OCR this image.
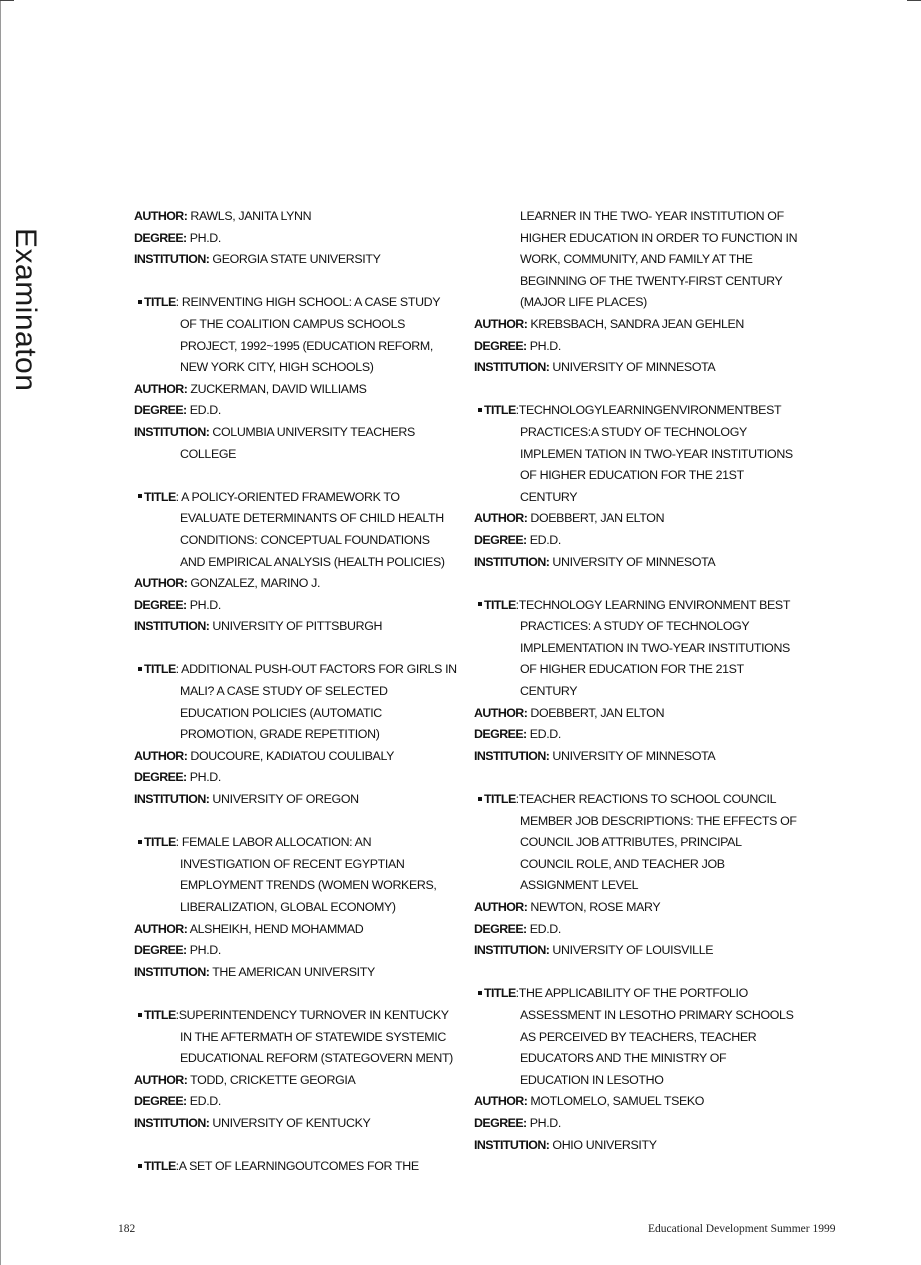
Examinaton
AUTHOR: RAWLS, JANITA LYNN
DEGREE: PH.D.
INSTITUTION: GEORGIA STATE UNIVERSITY
TITLE: REINVENTING HIGH SCHOOL: A CASE STUDY
OF THE COALITION CAMPUS SCHOOLS
PROJECT, 1992~1995 (EDUCATION REFORM,
NEW YORK CITY, HIGH SCHOOLS)
AUTHOR: ZUCKERMAN, DAVID WILLIAMS
DEGREE: ED.D.
INSTITUTION: COLUMBIA UNIVERSITY TEACHERS
COLLEGE
TITLE: A POLICY-ORIENTED FRAMEWORK TO
EVALUATE DETERMINANTS OF CHILD HEALTH
CONDITIONS: CONCEPTUAL FOUNDATIONS
AND EMPIRICAL ANALYSIS (HEALTH POLICIES)
AUTHOR: GONZALEZ, MARINO J.
DEGREE: PH.D.
INSTITUTION: UNIVERSITY OF PITTSBURGH
TITLE: ADDITIONAL PUSH-OUT FACTORS FOR GIRLS IN
MALI? A CASE STUDY OF SELECTED
EDUCATION POLICIES (AUTOMATIC
PROMOTION, GRADE REPETITION)
AUTHOR: DOUCOURE, KADIATOU COULIBALY
DEGREE: PH.D.
INSTITUTION: UNIVERSITY OF OREGON
TITLE: FEMALE LABOR ALLOCATION: AN
INVESTIGATION OF RECENT EGYPTIAN
EMPLOYMENT TRENDS (WOMEN WORKERS,
LIBERALIZATION, GLOBAL ECONOMY)
AUTHOR: ALSHEIKH, HEND MOHAMMAD
DEGREE: PH.D.
INSTITUTION: THE AMERICAN UNIVERSITY
TITLE:SUPERINTENDENCY TURNOVER IN KENTUCKY
IN THE AFTERMATH OF STATEWIDE SYSTEMIC
EDUCATIONAL REFORM (STATEGOVERN MENT)
AUTHOR: TODD, CRICKETTE GEORGIA
DEGREE: ED.D.
INSTITUTION: UNIVERSITY OF KENTUCKY
TITLE:A SET OF LEARNINGOUTCOMES FOR THE
LEARNER IN THE TWO- YEAR INSTITUTION OF
HIGHER EDUCATION IN ORDER TO FUNCTION IN
WORK, COMMUNITY, AND FAMILY AT THE
BEGINNING OF THE TWENTY-FIRST CENTURY
(MAJOR LIFE PLACES)
AUTHOR: KREBSBACH, SANDRA JEAN GEHLEN
DEGREE: PH.D.
INSTITUTION: UNIVERSITY OF MINNESOTA
TITLE:TECHNOLOGYLEARNINGENVIRONMENTBEST
PRACTICES:A STUDY OF TECHNOLOGY
IMPLEMEN TATION IN TWO-YEAR INSTITUTIONS
OF HIGHER EDUCATION FOR THE 21ST
CENTURY
AUTHOR: DOEBBERT, JAN ELTON
DEGREE: ED.D.
INSTITUTION: UNIVERSITY OF MINNESOTA
TITLE:TECHNOLOGY LEARNING ENVIRONMENT BEST
PRACTICES: A STUDY OF TECHNOLOGY
IMPLEMENTATION IN TWO-YEAR INSTITUTIONS
OF HIGHER EDUCATION FOR THE 21ST
CENTURY
AUTHOR: DOEBBERT, JAN ELTON
DEGREE: ED.D.
INSTITUTION: UNIVERSITY OF MINNESOTA
TITLE:TEACHER REACTIONS TO SCHOOL COUNCIL
MEMBER JOB DESCRIPTIONS: THE EFFECTS OF
COUNCIL JOB ATTRIBUTES, PRINCIPAL
COUNCIL ROLE, AND TEACHER JOB
ASSIGNMENT LEVEL
AUTHOR: NEWTON, ROSE MARY
DEGREE: ED.D.
INSTITUTION: UNIVERSITY OF LOUISVILLE
TITLE:THE APPLICABILITY OF THE PORTFOLIO
ASSESSMENT IN LESOTHO PRIMARY SCHOOLS
AS PERCEIVED BY TEACHERS, TEACHER
EDUCATORS AND THE MINISTRY OF
EDUCATION IN LESOTHO
AUTHOR: MOTLOMELO, SAMUEL TSEKO
DEGREE: PH.D.
INSTITUTION: OHIO UNIVERSITY
182	Educational Development Summer 1999
